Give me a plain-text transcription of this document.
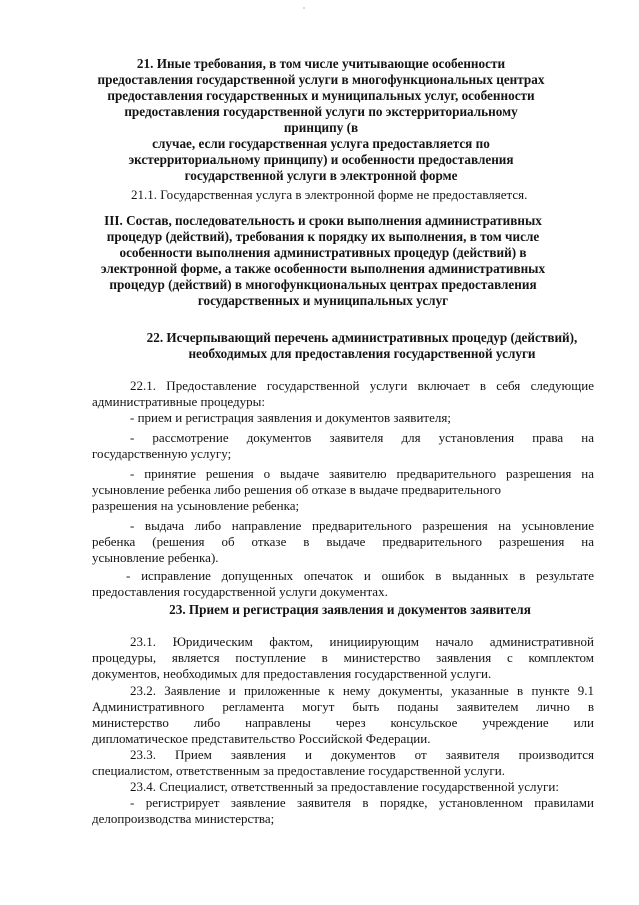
21. Иные требования, в том числе учитывающие особенности
предоставления государственной услуги в многофункциональных центрах
предоставления государственных и муниципальных услуг, особенности
предоставления государственной услуги по экстерриториальному принципу (в
случае, если государственная услуга предоставляется по
экстерриториальному принципу) и особенности предоставления
государственной услуги в электронной форме
21.1. Государственная услуга в электронной форме не предоставляется.
III. Состав, последовательность и сроки выполнения административных
процедур (действий), требования к порядку их выполнения, в том числе
особенности выполнения административных процедур (действий) в
электронной форме, а также особенности выполнения административных
процедур (действий) в многофункциональных центрах предоставления
государственных и муниципальных услуг
22. Исчерпывающий перечень административных процедур (действий),
необходимых для предоставления государственной услуги
22.1. Предоставление государственной услуги включает в себя следующие
административные процедуры:
- прием и регистрация заявления и документов заявителя;
- рассмотрение документов заявителя для установления права на
государственную услугу;
- принятие решения о выдаче заявителю предварительного разрешения на
усыновление ребенка либо решения об отказе в выдаче предварительного
разрешения на усыновление ребенка;
- выдача либо направление предварительного разрешения на усыновление
ребенка (решения об отказе в выдаче предварительного разрешения на
усыновление ребенка).
- исправление допущенных опечаток и ошибок в выданных в результате
предоставления государственной услуги документах.
23. Прием и регистрация заявления и документов заявителя
23.1. Юридическим фактом, инициирующим начало административной
процедуры, является поступление в министерство заявления с комплектом
документов, необходимых для предоставления государственной услуги.
23.2. Заявление и приложенные к нему документы, указанные в пункте 9.1
Административного регламента могут быть поданы заявителем лично в
министерство либо направлены через консульское учреждение или
дипломатическое представительство Российской Федерации.
23.3. Прием заявления и документов от заявителя производится
специалистом, ответственным за предоставление государственной услуги.
23.4. Специалист, ответственный за предоставление государственной услуги:
- регистрирует заявление заявителя в порядке, установленном правилами
делопроизводства министерства;
